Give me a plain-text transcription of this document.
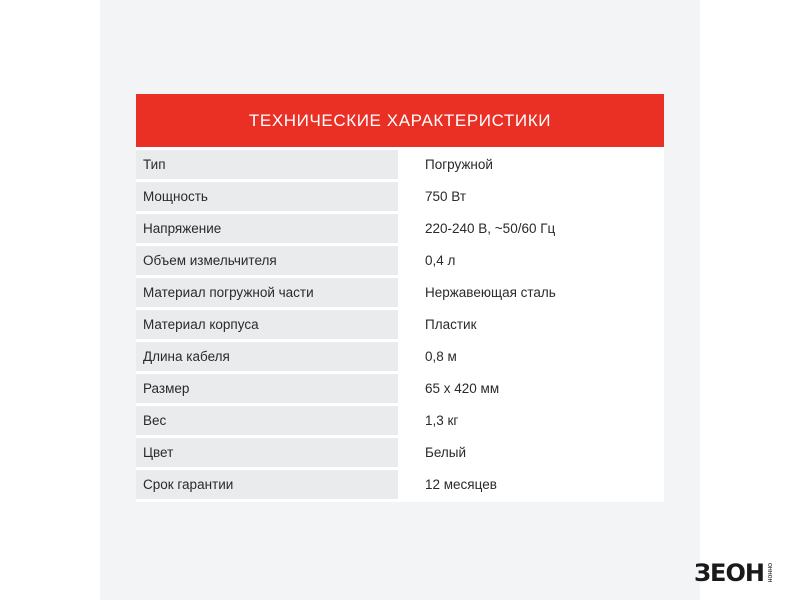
ТЕХНИЧЕСКИЕ ХАРАКТЕРИСТИКИ
Тип		Погружной
Мощность		750 Вт
Напряжение		220-240 В, ~50/60 Гц
Объем измельчителя		0,4 л
Материал погружной части		Нержавеющая сталь
Материал корпуса		Пластик
Длина кабеля		0,8 м
Размер		65 х 420 мм
Вес		1,3 кг
Цвет		Белый
Срок гарантии		12 месяцев
ЗЕОН оннон
